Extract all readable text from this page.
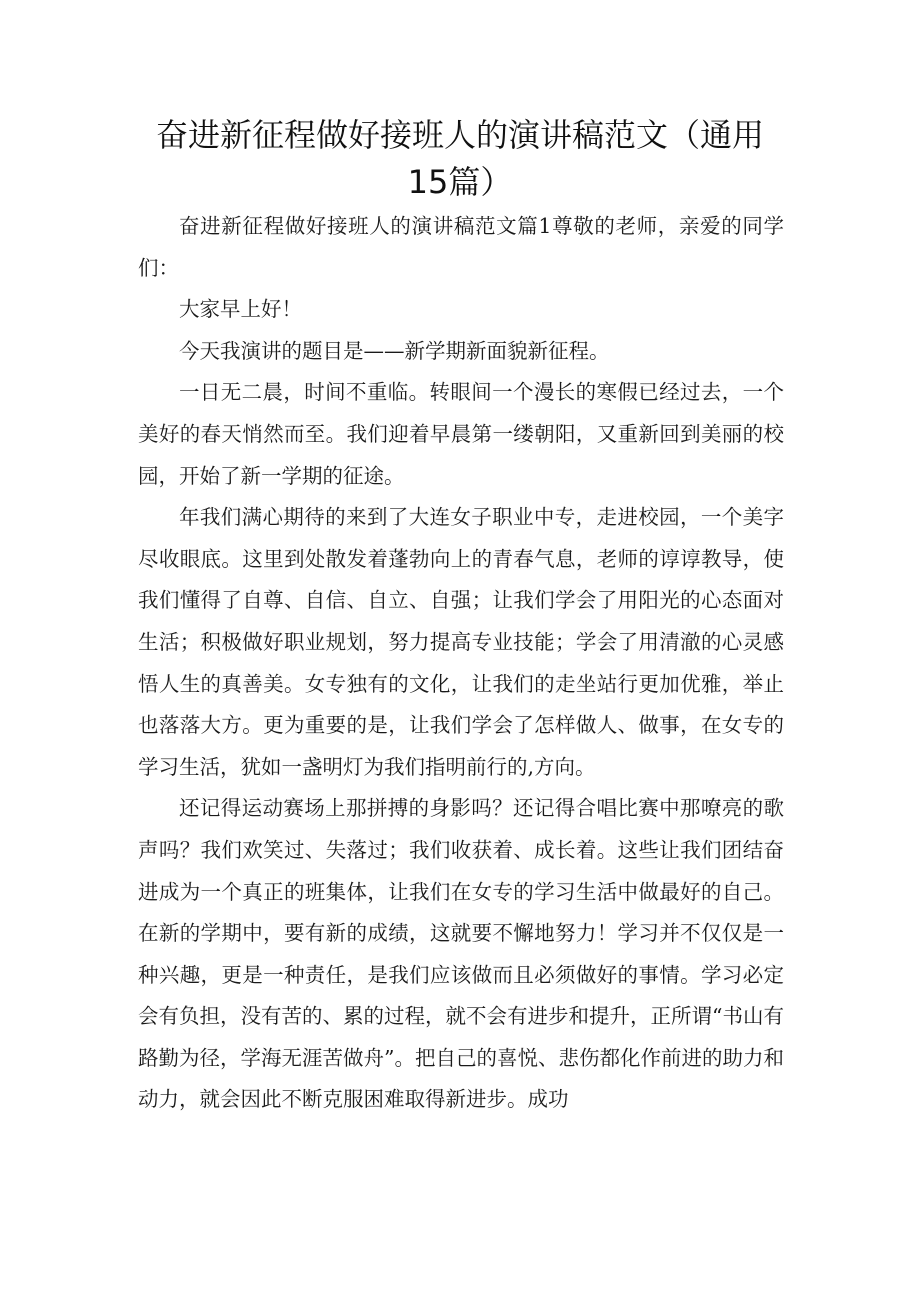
奋进新征程做好接班人的演讲稿范文（通用15篇）

奋进新征程做好接班人的演讲稿范文篇1尊敬的老师，亲爱的同学们：

大家早上好！

今天我演讲的题目是——新学期新面貌新征程。

一日无二晨，时间不重临。转眼间一个漫长的寒假已经过去，一个美好的春天悄然而至。我们迎着早晨第一缕朝阳，又重新回到美丽的校园，开始了新一学期的征途。

年我们满心期待的来到了大连女子职业中专，走进校园，一个美字尽收眼底。这里到处散发着蓬勃向上的青春气息，老师的谆谆教导，使我们懂得了自尊、自信、自立、自强；让我们学会了用阳光的心态面对生活；积极做好职业规划，努力提高专业技能；学会了用清澈的心灵感悟人生的真善美。女专独有的文化，让我们的走坐站行更加优雅，举止也落落大方。更为重要的是，让我们学会了怎样做人、做事，在女专的学习生活，犹如一盏明灯为我们指明前行的,方向。

还记得运动赛场上那拼搏的身影吗？还记得合唱比赛中那嘹亮的歌声吗？我们欢笑过、失落过；我们收获着、成长着。这些让我们团结奋进成为一个真正的班集体，让我们在女专的学习生活中做最好的自己。在新的学期中，要有新的成绩，这就要不懈地努力！学习并不仅仅是一种兴趣，更是一种责任，是我们应该做而且必须做好的事情。学习必定会有负担，没有苦的、累的过程，就不会有进步和提升，正所谓“书山有路勤为径，学海无涯苦做舟”。把自己的喜悦、悲伤都化作前进的助力和动力，就会因此不断克服困难取得新进步。成功
